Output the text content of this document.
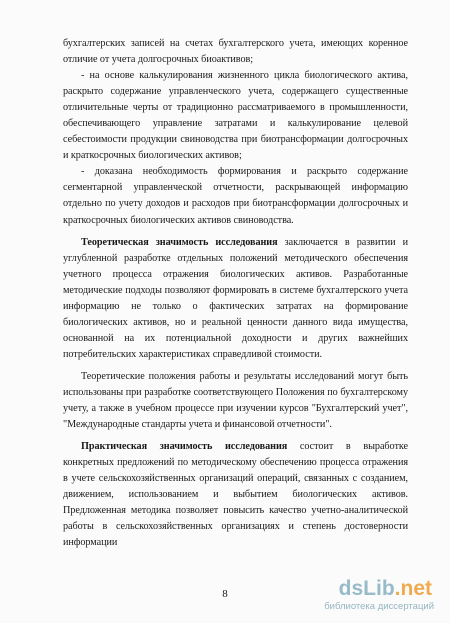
бухгалтерских записей на счетах бухгалтерского учета, имеющих коренное отличие от учета долгосрочных биоактивов;

- на основе калькулирования жизненного цикла биологического актива, раскрыто содержание управленческого учета, содержащего существенные отличительные черты от традиционно рассматриваемого в промышленности, обеспечивающего управление затратами и калькулирование целевой себестоимости продукции свиноводства при биотрансформации долгосрочных и краткосрочных биологических активов;

- доказана необходимость формирования и раскрыто содержание сегментарной управленческой отчетности, раскрывающей информацию отдельно по учету доходов и расходов при биотрансформации долгосрочных и краткосрочных биологических активов свиноводства.

Теоретическая значимость исследования заключается в развитии и углубленной разработке отдельных положений методического обеспечения учетного процесса отражения биологических активов. Разработанные методические подходы позволяют формировать в системе бухгалтерского учета информацию не только о фактических затратах на формирование биологических активов, но и реальной ценности данного вида имущества, основанной на их потенциальной доходности и других важнейших потребительских характеристиках справедливой стоимости.

Теоретические положения работы и результаты исследований могут быть использованы при разработке соответствующего Положения по бухгалтерскому учету, а также в учебном процессе при изучении курсов "Бухгалтерский учет", "Международные стандарты учета и финансовой отчетности".

Практическая значимость исследования состоит в выработке конкретных предложений по методическому обеспечению процесса отражения в учете сельскохозяйственных организаций операций, связанных с созданием, движением, использованием и выбытием биологических активов. Предложенная методика позволяет повысить качество учетно-аналитической работы в сельскохозяйственных организациях и степень достоверности информации

8	dsLib.net
библиотека диссертаций
